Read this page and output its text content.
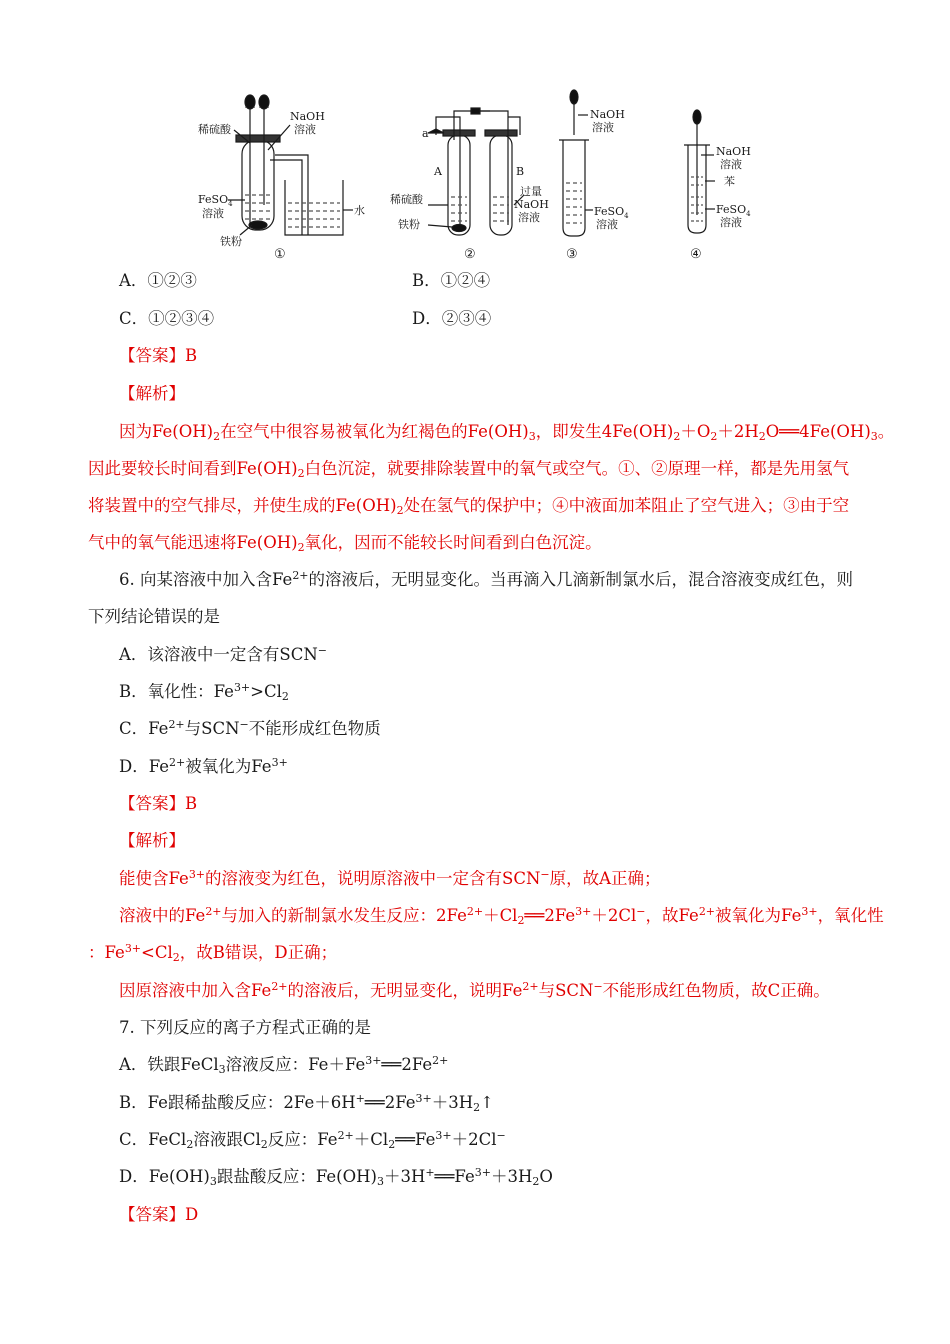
稀硫酸
NaOH
溶液
FeSO$_4$
溶液
铁粉
水
①
a
A	B
稀硫酸
铁粉
过量
NaOH
溶液
②
NaOH
溶液
FeSO$_4$
溶液
③
NaOH
溶液
苯
FeSO$_4$
溶液
④
A．①②③	B．①②④
C．①②③④	D．②③④
【答案】B
【解析】
因为$Fe(OH)_2$在空气中很容易被氧化为红褐色的$Fe(OH)_3$，即发生$4Fe(OH)_2+O_2+2H_2O══4Fe(OH)_3$。
因此要较长时间看到$Fe(OH)_2$白色沉淀，就要排除装置中的氧气或空气。①、②原理一样，都是先用氢气
将装置中的空气排尽，并使生成的$Fe(OH)_2$处在氢气的保护中；④中液面加苯阻止了空气进入；③由于空
气中的氧气能迅速将$Fe(OH)_2$氧化，因而不能较长时间看到白色沉淀。
6. 向某溶液中加入含$Fe^{2+}$的溶液后，无明显变化。当再滴入几滴新制氯水后，混合溶液变成红色，则
下列结论错误的是
A．该溶液中一定含有SCN−
B．氧化性：$Fe^{3+}>Cl_2$
C．$Fe^{2+}$与SCN−不能形成红色物质
D．$Fe^{2+}$被氧化为$Fe^{3+}$
【答案】B
【解析】
能使含$Fe^{3+}$的溶液变为红色，说明原溶液中一定含有SCN−原，故A正确；
溶液中的$Fe^{2+}$与加入的新制氯水发生反应：$2Fe^{2+}+Cl_2══2Fe^{3+}+2Cl^-$，故$Fe^{2+}$被氧化为$Fe^{3+}$，氧化性
：$Fe^{3+}<Cl_2$，故B错误，D正确；
因原溶液中加入含$Fe^{2+}$的溶液后，无明显变化，说明$Fe^{2+}$与SCN−不能形成红色物质，故C正确。
7. 下列反应的离子方程式正确的是
A．铁跟FeCl$_3$溶液反应：$Fe+Fe^{3+}══2Fe^{2+}$
B．Fe跟稀盐酸反应：$2Fe+6H^+══2Fe^{3+}+3H_2↑$
C．FeCl$_2$溶液跟$Cl_2$反应：$Fe^{2+}+Cl_2══Fe^{3+}+2Cl^-$
D．$Fe(OH)_3$跟盐酸反应：$Fe(OH)_3+3H^+══Fe^{3+}+3H_2O$
【答案】D
